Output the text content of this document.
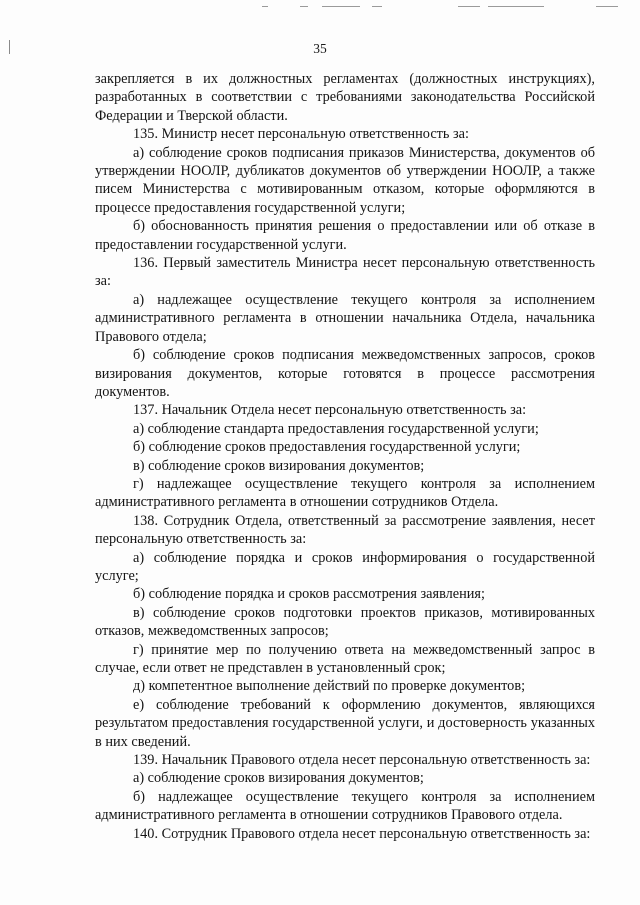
35

закрепляется в их должностных регламентах (должностных инструкциях), разработанных в соответствии с требованиями законодательства Российской Федерации и Тверской области.

135. Министр несет персональную ответственность за:

а) соблюдение сроков подписания приказов Министерства, документов об утверждении НООЛР, дубликатов документов об утверждении НООЛР, а также писем Министерства с мотивированным отказом, которые оформляются в процессе предоставления государственной услуги;

б) обоснованность принятия решения о предоставлении или об отказе в предоставлении государственной услуги.

136. Первый заместитель Министра несет персональную ответственность за:

а) надлежащее осуществление текущего контроля за исполнением административного регламента в отношении начальника Отдела, начальника Правового отдела;

б) соблюдение сроков подписания межведомственных запросов, сроков визирования документов, которые готовятся в процессе рассмотрения документов.

137. Начальник Отдела несет персональную ответственность за:

а) соблюдение стандарта предоставления государственной услуги;

б) соблюдение сроков предоставления государственной услуги;

в) соблюдение сроков визирования документов;

г) надлежащее осуществление текущего контроля за исполнением административного регламента в отношении сотрудников Отдела.

138. Сотрудник Отдела, ответственный за рассмотрение заявления, несет персональную ответственность за:

а) соблюдение порядка и сроков информирования о государственной услуге;

б) соблюдение порядка и сроков рассмотрения заявления;

в) соблюдение сроков подготовки проектов приказов, мотивированных отказов, межведомственных запросов;

г) принятие мер по получению ответа на межведомственный запрос в случае, если ответ не представлен в установленный срок;

д) компетентное выполнение действий по проверке документов;

е) соблюдение требований к оформлению документов, являющихся результатом предоставления государственной услуги, и достоверность указанных в них сведений.

139. Начальник Правового отдела несет персональную ответственность за:

а) соблюдение сроков визирования документов;

б) надлежащее осуществление текущего контроля за исполнением административного регламента в отношении сотрудников Правового отдела.

140. Сотрудник Правового отдела несет персональную ответственность за:
